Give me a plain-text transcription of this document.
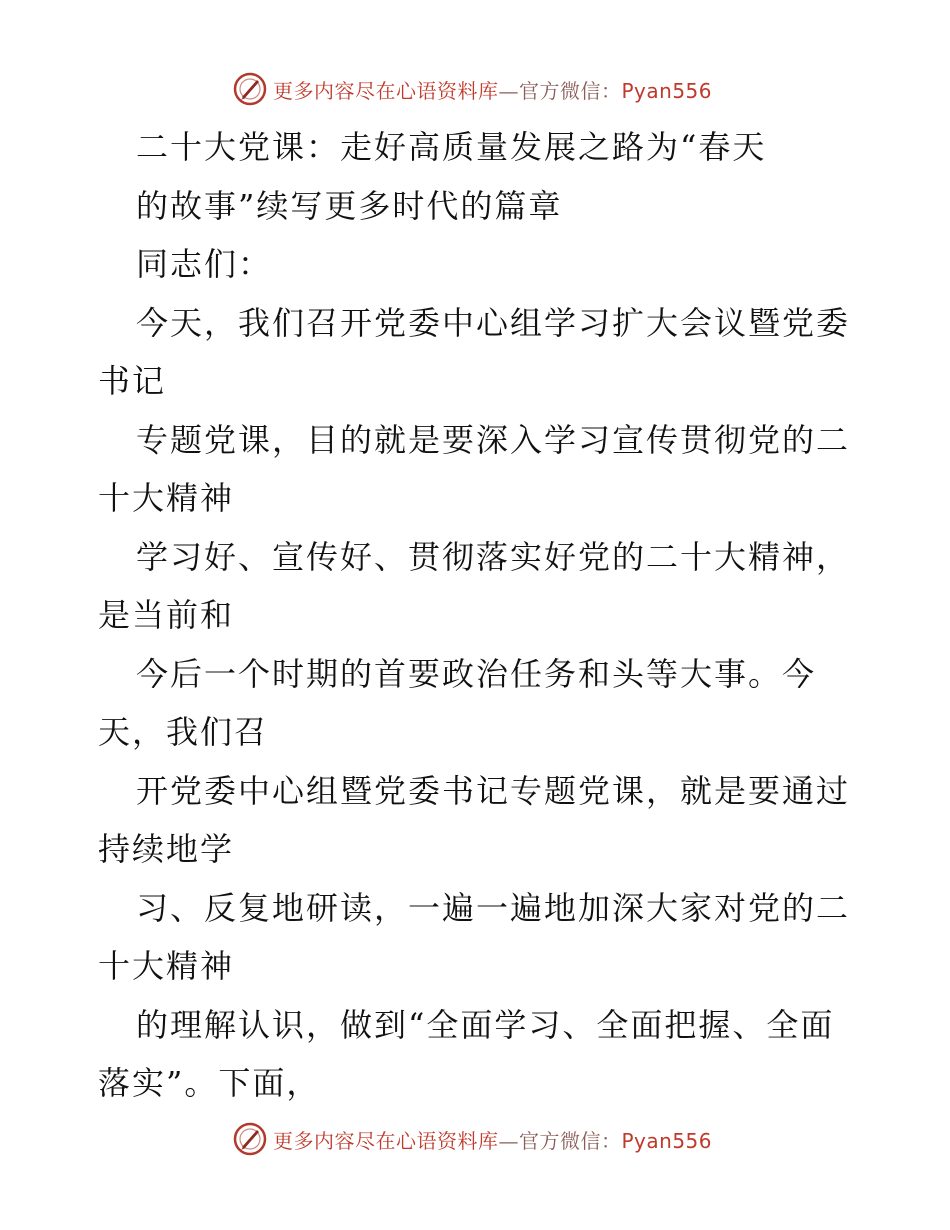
更多内容尽在心语资料库—官方微信：Pyan556
二十大党课：走好高质量发展之路为“春天
的故事”续写更多时代的篇章
同志们：
今天，我们召开党委中心组学习扩大会议暨党委
书记
专题党课，目的就是要深入学习宣传贯彻党的二
十大精神
学习好、宣传好、贯彻落实好党的二十大精神，
是当前和
今后一个时期的首要政治任务和头等大事。今
天，我们召
开党委中心组暨党委书记专题党课，就是要通过
持续地学
习、反复地研读，一遍一遍地加深大家对党的二
十大精神
的理解认识，做到“全面学习、全面把握、全面
落实”。下面，
更多内容尽在心语资料库—官方微信：Pyan556
